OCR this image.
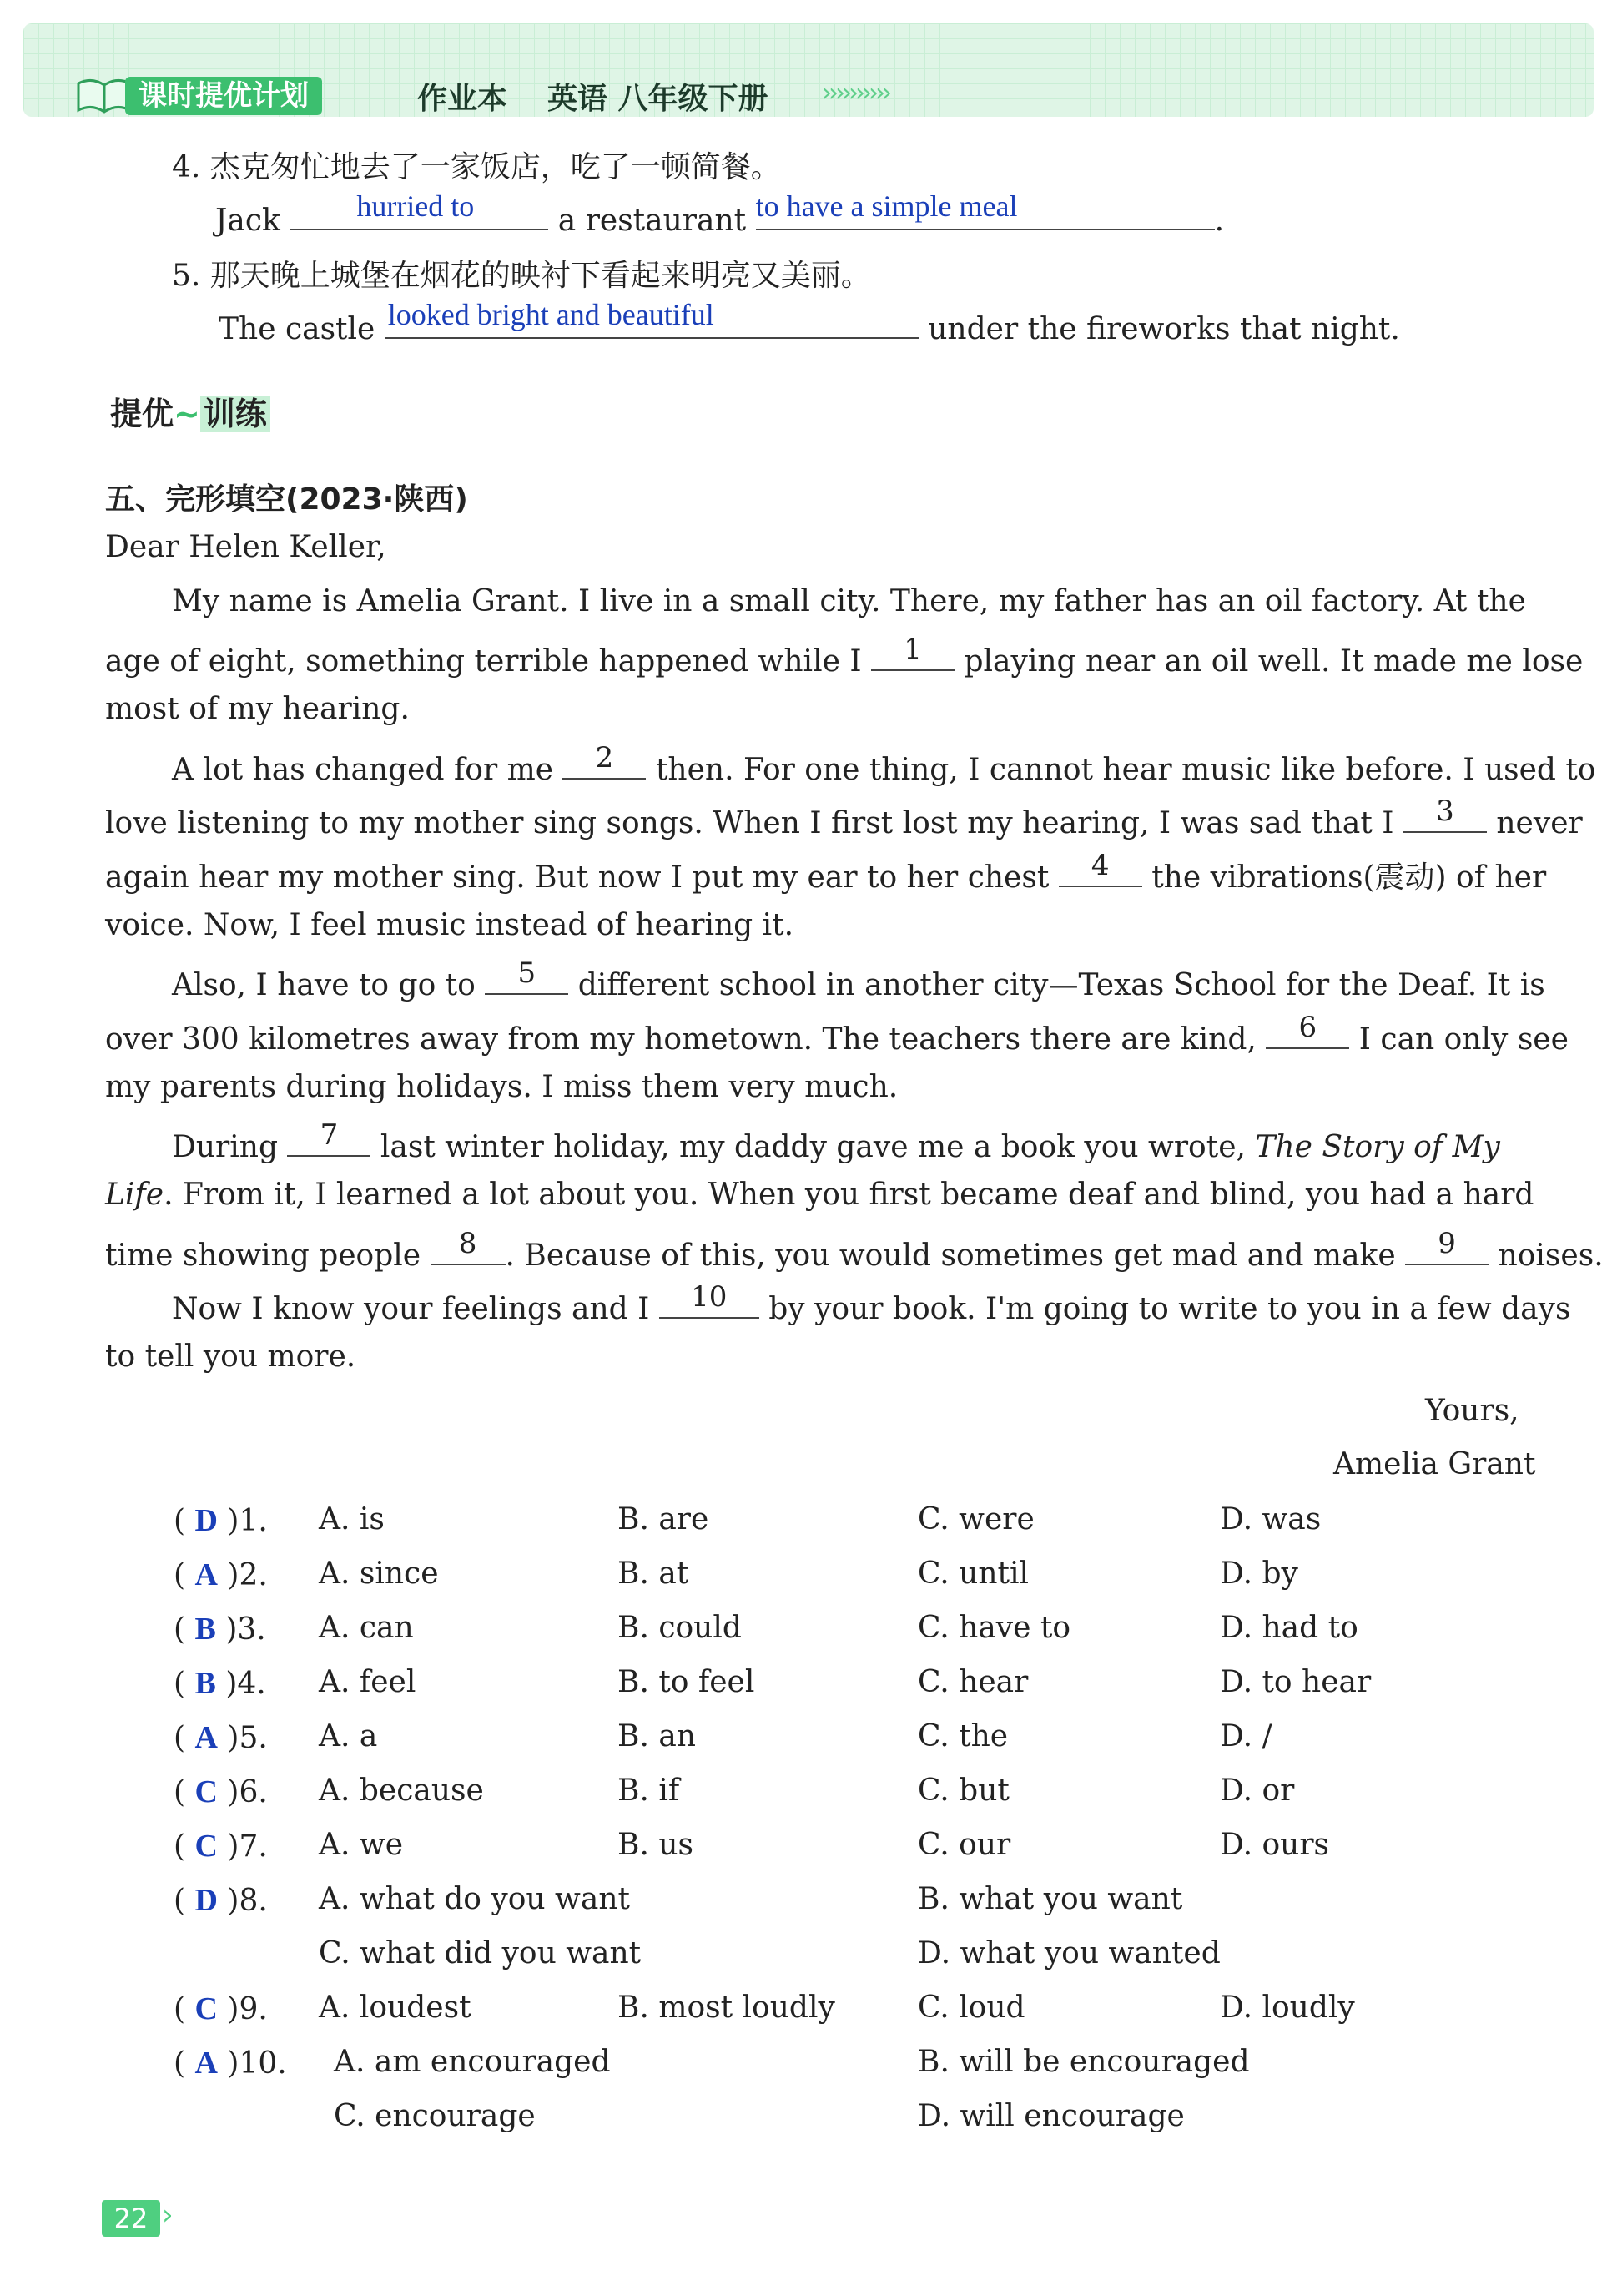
课时提优计划	作业本 英语 八年级下册 ››››››››››
4. 杰克匆忙地去了一家饭店，吃了一顿简餐。
Jack	hurried to	a restaurant to have a simple meal	.
5. 那天晚上城堡在烟花的映衬下看起来明亮又美丽。
The castle looked bright and beautiful	under the fireworks that night.
提优~ 训练
五、完形填空(2023·陕西)
Dear Helen Keller,
My name is Amelia Grant. I live in a small city. There, my father has an oil factory. At the
age of eight, something terrible happened while I	1	playing near an oil well. It made me lose
most of my hearing.
A lot has changed for me	2	then. For one thing, I cannot hear music like before. I used to
love listening to my mother sing songs. When I first lost my hearing, I was sad that I	3	never
again hear my mother sing. But now I put my ear to her chest	4	the vibrations(震动) of her
voice. Now, I feel music instead of hearing it.
Also, I have to go to	5	different school in another city—Texas School for the Deaf. It is
over 300 kilometres away from my hometown. The teachers there are kind,	6	I can only see
my parents during holidays. I miss them very much.
During	7	last winter holiday, my daddy gave me a book you wrote, The Story of My
Life. From it, I learned a lot about you. When you first became deaf and blind, you had a hard
time showing people	8 . Because of this, you would sometimes get mad and make	9	noises.
Now I know your feelings and I	10	by your book. I'm going to write to you in a few days
to tell you more.
Yours,
Amelia Grant
( D )1. A. is	B. are	C. were	D. was
( A )2. A. since	B. at	C. until	D. by
( B )3. A. can	B. could	C. have to	D. had to
( B )4. A. feel	B. to feel	C. hear	D. to hear
( A )5. A. a	B. an	C. the	D. /
( C )6. A. because	B. if	C. but	D. or
( C )7. A. we	B. us	C. our	D. ours
( D )8. A. what do you want	B. what you want
C. what did you want	D. what you wanted
( C )9. A. loudest	B. most loudly	C. loud	D. loudly
( A )10. A. am encouraged	B. will be encouraged
C. encourage	D. will encourage
22 ›
